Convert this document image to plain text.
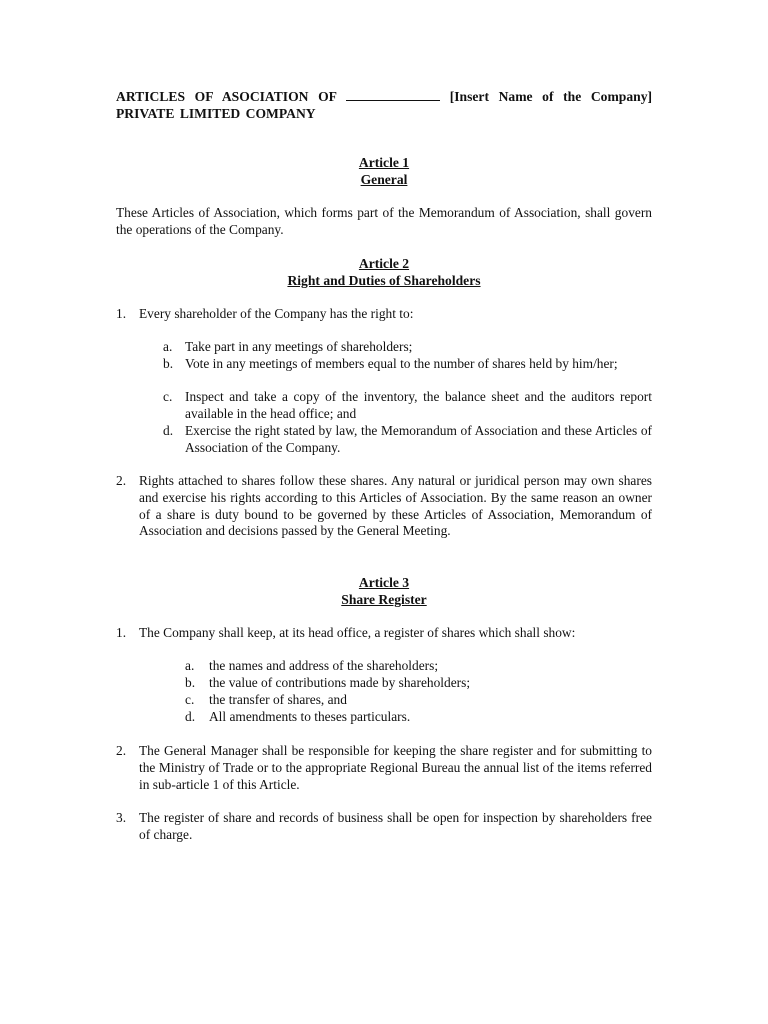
ARTICLES OF ASOCIATION OF	[Insert Name of the Company] PRIVATE LIMITED COMPANY
Article 1
General

These Articles of Association, which forms part of the Memorandum of Association, shall govern the operations of the Company.

Article 2
Right and Duties of Shareholders
1. Every shareholder of the Company has the right to:

a. Take part in any meetings of shareholders;

b. Vote in any meetings of members equal to the number of shares held by him/her;

c. Inspect and take a copy of the inventory, the balance sheet and the auditors report available in the head office; and

d. Exercise the right stated by law, the Memorandum of Association and these Articles of Association of the Company.

2. Rights attached to shares follow these shares. Any natural or juridical person may own shares and exercise his rights according to this Articles of Association. By the same reason an owner of a share is duty bound to be governed by these Articles of Association, Memorandum of Association and decisions passed by the General Meeting.

Article 3
Share Register
1. The Company shall keep, at its head office, a register of shares which shall show:

a.	the names and address of the shareholders;

b.	the value of contributions made by shareholders;

c.	the transfer of shares, and

d.	All amendments to theses particulars.

2. The General Manager shall be responsible for keeping the share register and for submitting to the Ministry of Trade or to the appropriate Regional Bureau the annual list of the items referred in sub-article 1 of this Article.

3. The register of share and records of business shall be open for inspection by shareholders free of charge.
